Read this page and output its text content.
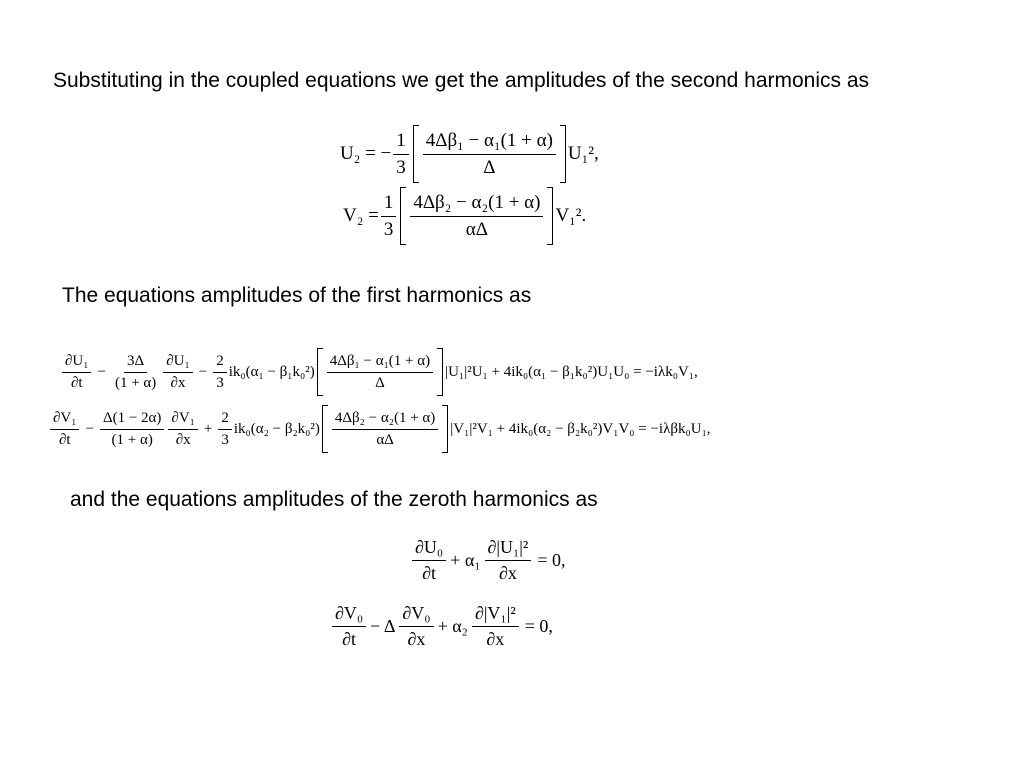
Substituting in the coupled equations we get the amplitudes of the second harmonics as
U₂ = − $\frac{1}{3} \frac{\text{4Δβ₁ − α₁(1 + α)}}{\Delta} U_1^2$,
$V_2 = \frac{1}{3} \frac{\text{4Δβ₂ − α₂(1 + α)}}{\alpha\Delta} V_1^2$.
The equations amplitudes of the first harmonics as
$\frac{\text{∂U₁}}{\partial t} - \frac{3\Delta}{(1 + \alpha)} \frac{\text{∂U₁}}{\partial x} - \frac{2}{3} ik_0(\alpha_1 - \beta_1k_0^2) \frac{\text{4Δβ₁ − α₁(1 + α)}}{\Delta} |U_1|^2U_1 + 4ik_0(\alpha_1 - \beta_1k_0^2)U_1U_0 = -i\lambda k_0V_1$,
$\frac{\text{∂V₁}}{\partial t} - \frac{\Delta(1 - 2\alpha)}{(1 + \alpha)} \frac{\text{∂V₁}}{\partial x} + \frac{2}{3} ik_0(\alpha_2 - \beta_2k_0^2) \frac{\text{4Δβ₂ − α₂(1 + α)}}{\alpha\Delta} |V_1|^2V_1 + 4ik_0(\alpha_2 - \beta_2k_0^2)V_1V_0 = -i\lambda\beta k_0U_1$,
and the equations amplitudes of the zeroth harmonics as
$\frac{\text{∂U₀}}{\partial t} + \alpha_1 \frac{\text{∂|U₁|²}}{\partial x} = 0$,
$\frac{\text{∂V₀}}{\partial t} - \Delta \frac{\text{∂V₀}}{\partial x} + \alpha_2 \frac{\text{∂|V₁|²}}{\partial x} = 0$,
